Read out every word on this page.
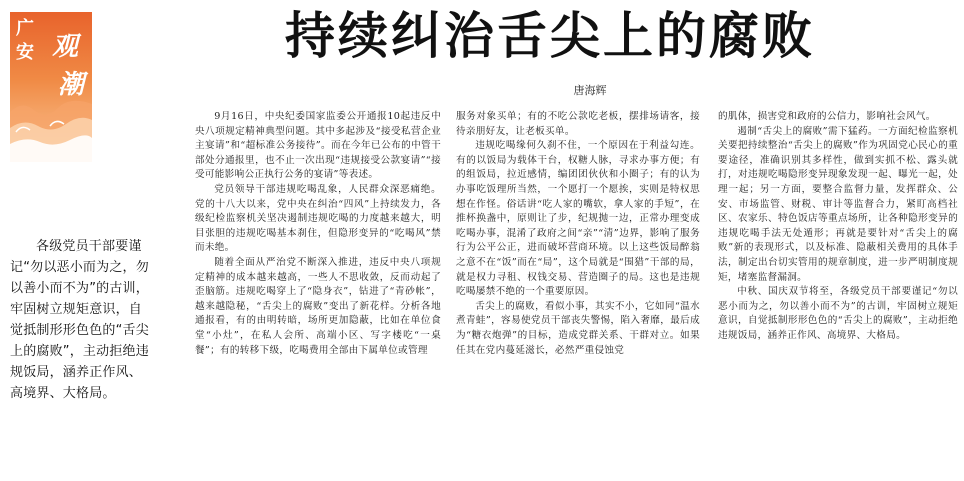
广
安 观
潮
持续纠治舌尖上的腐败
唐海辉
各级党员干部要谨记“勿以恶小而为之，勿以善小而不为”的古训，牢固树立规矩意识，自觉抵制形形色色的“舌尖上的腐败”，主动拒绝违规饭局，涵养正作风、高境界、大格局。

9月16日，中央纪委国家监委公开通报10起违反中央八项规定精神典型问题。其中多起涉及“接受私营企业主宴请”和“超标准公务接待”。而在今年已公布的中管干部处分通报里，也不止一次出现“违规接受公款宴请”“接受可能影响公正执行公务的宴请”等表述。

党员领导干部违规吃喝乱象，人民群众深恶痛绝。党的十八大以来，党中央在纠治“四风”上持续发力，各级纪检监察机关坚决遏制违规吃喝的力度越来越大，明目张胆的违规吃喝基本刹住，但隐形变异的“吃喝风”禁而未绝。

随着全面从严治党不断深入推进，违反中央八项规定精神的成本越来越高，一些人不思收敛，反而动起了歪脑筋。违规吃喝穿上了“隐身衣”，钻进了“青砂帐”，越来越隐秘，“舌尖上的腐败”变出了新花样。分析各地通报看，有的由明转暗，场所更加隐蔽，比如在单位食堂“小灶”，在私人会所、高端小区、写字楼吃“一桌餐”；有的转移下级，吃喝费用全部由下属单位或管理

服务对象买单；有的不吃公款吃老板，摆排场请客，接待亲朋好友，让老板买单。

违规吃喝缘何久刹不住，一个原因在于利益勾连。有的以饭局为载体干台，权糖人脉，寻求办事方便；有的组饭局，拉近感情，编团团伙伙和小圈子；有的认为办事吃饭理所当然，一个愿打一个愿挨，实则是特权思想在作怪。俗话讲“吃人家的嘴软，拿人家的手短”，在推杯换盏中，原则让了步，纪规抛一边，正常办理变成吃喝办事，混淆了政府之间“亲”“清”边界，影响了服务行为公平公正，进而破坏营商环境。以上这些饭局醉翁之意不在“饭”而在“局”，这个局就是“围猎”干部的局，就是权力寻租、权钱交易、营造圈子的局。这也是违规吃喝屡禁不绝的一个重要原因。

舌尖上的腐败，看似小事，其实不小，它如同“温水煮青蛙”，容易使党员干部丧失警惕，陷入奢靡，最后成为“糖衣炮弹”的目标，造成党群关系、干群对立。如果任其在党内蔓延滋长，必然严重侵蚀党

的肌体，损害党和政府的公信力，影响社会风气。

遏制“舌尖上的腐败”需下猛药。一方面纪检监察机关要把持续整治“舌尖上的腐败”作为巩固党心民心的重要途径，准确识别其多样性，做到实抓不松、露头就打，对违规吃喝隐形变异现象发现一起、曝光一起，处理一起；另一方面，要整合监督力量，发挥群众、公安、市场监管、财税、审计等监督合力，紧盯高档社区、农家乐、特色饭店等重点场所，让各种隐形变异的违规吃喝手法无处遁形；再就是要针对“舌尖上的腐败”新的表现形式，以及标准、隐蔽相关费用的具体手法，制定出台切实管用的规章制度，进一步严明制度规矩，堵塞监督漏洞。

中秋、国庆双节将至，各级党员干部要谨记“勿以恶小而为之，勿以善小而不为”的古训，牢固树立规矩意识，自觉抵制形形色色的“舌尖上的腐败”，主动拒绝违规饭局，涵养正作风、高境界、大格局。
